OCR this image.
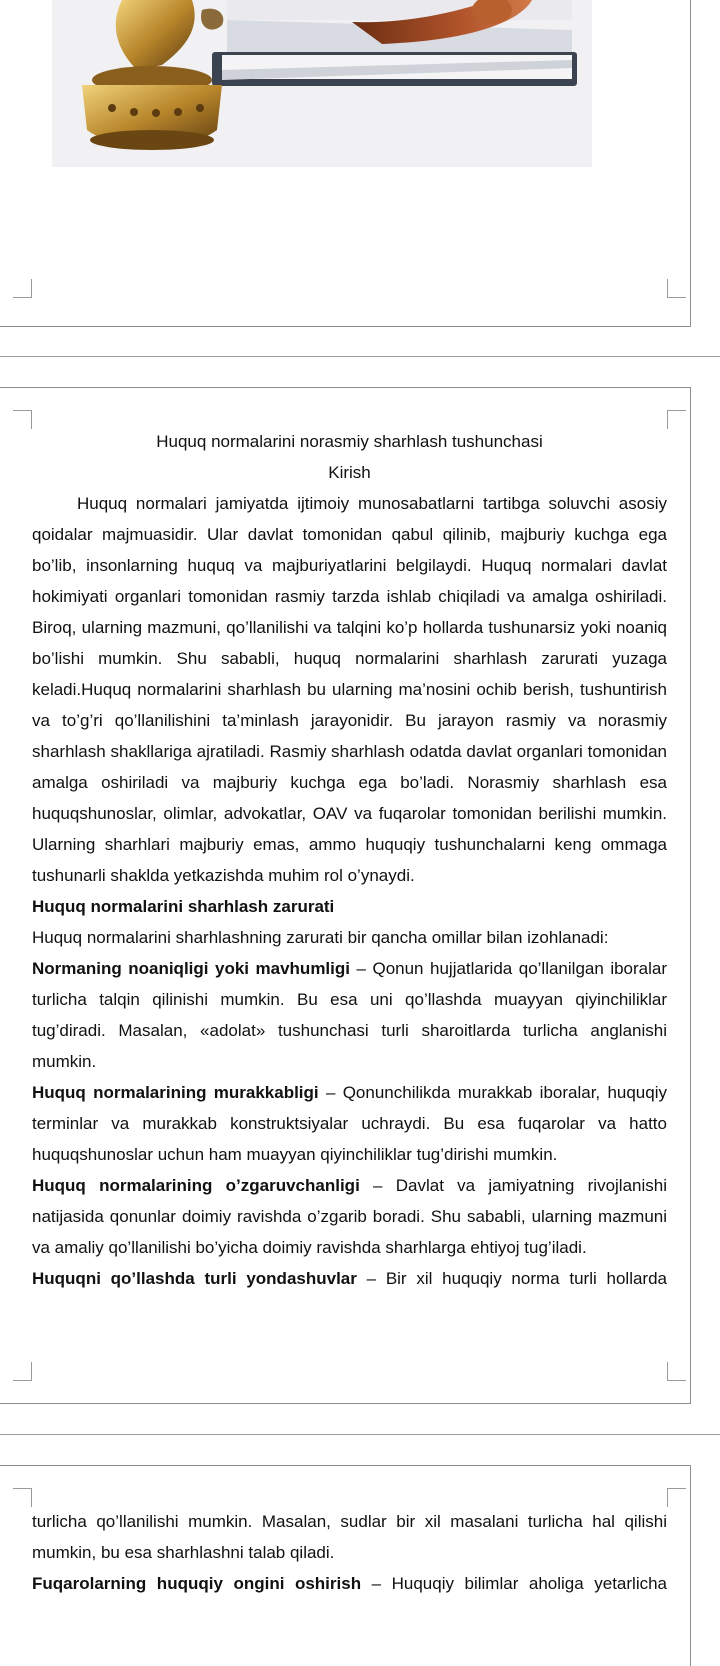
Huquq normalarini norasmiy sharhlash tushunchasi

Kirish

Huquq normalari jamiyatda ijtimoiy munosabatlarni tartibga soluvchi asosiy qoidalar majmuasidir. Ular davlat tomonidan qabul qilinib, majburiy kuchga ega bo’lib, insonlarning huquq va majburiyatlarini belgilaydi. Huquq normalari davlat hokimiyati organlari tomonidan rasmiy tarzda ishlab chiqiladi va amalga oshiriladi. Biroq, ularning mazmuni, qo’llanilishi va talqini ko’p hollarda tushunarsiz yoki noaniq bo’lishi mumkin. Shu sababli, huquq normalarini sharhlash zarurati yuzaga keladi.Huquq normalarini sharhlash bu ularning ma’nosini ochib berish, tushuntirish va to’g’ri qo’llanilishini ta’minlash jarayonidir. Bu jarayon rasmiy va norasmiy sharhlash shakllariga ajratiladi. Rasmiy sharhlash odatda davlat organlari tomonidan amalga oshiriladi va majburiy kuchga ega bo’ladi. Norasmiy sharhlash esa huquqshunoslar, olimlar, advokatlar, OAV va fuqarolar tomonidan berilishi mumkin. Ularning sharhlari majburiy emas, ammo huquqiy tushunchalarni keng ommaga tushunarli shaklda yetkazishda muhim rol o’ynaydi.

Huquq normalarini sharhlash zarurati

Huquq normalarini sharhlashning zarurati bir qancha omillar bilan izohlanadi:

Normaning noaniqligi yoki mavhumligi – Qonun hujjatlarida qo’llanilgan iboralar turlicha talqin qilinishi mumkin. Bu esa uni qo’llashda muayyan qiyinchiliklar tug’diradi. Masalan, «adolat» tushunchasi turli sharoitlarda turlicha anglanishi mumkin.

Huquq normalarining murakkabligi – Qonunchilikda murakkab iboralar, huquqiy terminlar va murakkab konstruktsiyalar uchraydi. Bu esa fuqarolar va hatto huquqshunoslar uchun ham muayyan qiyinchiliklar tug’dirishi mumkin.

Huquq normalarining o’zgaruvchanligi – Davlat va jamiyatning rivojlanishi natijasida qonunlar doimiy ravishda o’zgarib boradi. Shu sababli, ularning mazmuni va amaliy qo’llanilishi bo’yicha doimiy ravishda sharhlarga ehtiyoj tug’iladi.

Huquqni qo’llashda turli yondashuvlar – Bir xil huquqiy norma turli hollarda

turlicha qo’llanilishi mumkin. Masalan, sudlar bir xil masalani turlicha hal qilishi mumkin, bu esa sharhlashni talab qiladi.

Fuqarolarning huquqiy ongini oshirish – Huquqiy bilimlar aholiga yetarlicha
